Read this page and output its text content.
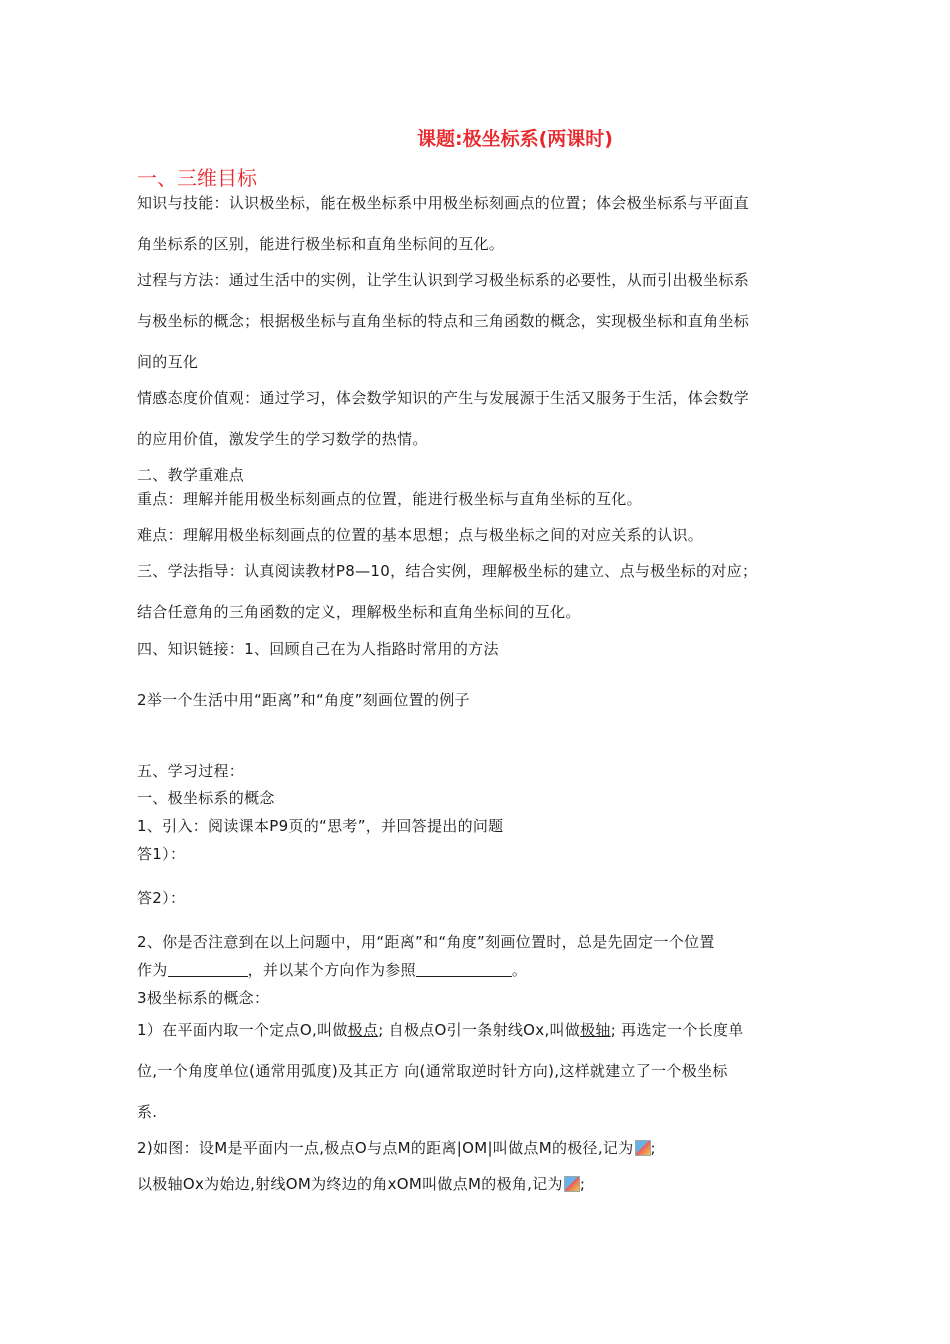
课题:极坐标系(两课时)
一、三维目标
知识与技能：认识极坐标，能在极坐标系中用极坐标刻画点的位置；体会极坐标系与平面直
角坐标系的区别，能进行极坐标和直角坐标间的互化。
过程与方法：通过生活中的实例，让学生认识到学习极坐标系的必要性，从而引出极坐标系
与极坐标的概念；根据极坐标与直角坐标的特点和三角函数的概念，实现极坐标和直角坐标
间的互化
情感态度价值观：通过学习，体会数学知识的产生与发展源于生活又服务于生活，体会数学
的应用价值，激发学生的学习数学的热情。
二、教学重难点
重点：理解并能用极坐标刻画点的位置，能进行极坐标与直角坐标的互化。
难点：理解用极坐标刻画点的位置的基本思想；点与极坐标之间的对应关系的认识。
三、学法指导：认真阅读教材P8—10，结合实例，理解极坐标的建立、点与极坐标的对应；
结合任意角的三角函数的定义，理解极坐标和直角坐标间的互化。
四、知识链接：1、回顾自己在为人指路时常用的方法
2举一个生活中用“距离”和“角度”刻画位置的例子
五、学习过程：
一、极坐标系的概念
1、引入：阅读课本P9页的“思考”，并回答提出的问题
答1）：
答2）：
2、你是否注意到在以上问题中，用“距离”和“角度”刻画位置时，总是先固定一个位置
作为	，并以某个方向作为参照	。
3极坐标系的概念：
1）在平面内取一个定点O,叫做极点; 自极点O引一条射线Ox,叫做极轴; 再选定一个长度单
位,一个角度单位(通常用弧度)及其正方 向(通常取逆时针方向),这样就建立了一个极坐标
系.
2)如图：设M是平面内一点,极点O与点M的距离|OM|叫做点M的极径,记为 ;
以极轴Ox为始边,射线OM为终边的角xOM叫做点M的极角,记为 ;
